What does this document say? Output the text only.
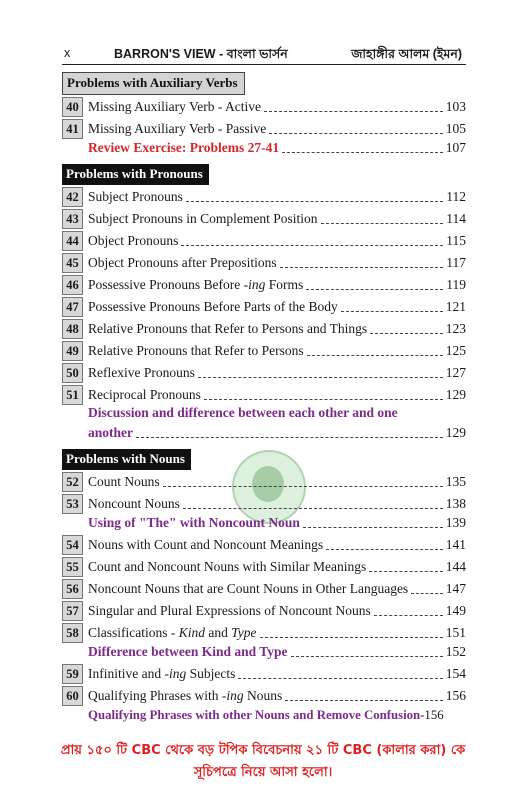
x	BARRON'S VIEW - বাংলা ভার্সন	জাহাঙ্গীর আলম (ইমন)
Problems with Auxiliary Verbs
40 Missing Auxiliary Verb - Active	103
41 Missing Auxiliary Verb - Passive	105
Review Exercise: Problems 27-41	107
Problems with Pronouns
42 Subject Pronouns	112
43 Subject Pronouns in Complement Position	114
44 Object Pronouns	115
45 Object Pronouns after Prepositions	117
46 Possessive Pronouns Before -ing Forms	119
47 Possessive Pronouns Before Parts of the Body	121
48 Relative Pronouns that Refer to Persons and Things	123
49 Relative Pronouns that Refer to Persons	125
50 Reflexive Pronouns	127
51 Reciprocal Pronouns	129
Discussion and difference between each other and one
another	129
Problems with Nouns
52 Count Nouns	135
53 Noncount Nouns	138
Using of "The" with Noncount Noun	139
54 Nouns with Count and Noncount Meanings	141
55 Count and Noncount Nouns with Similar Meanings	144
56 Noncount Nouns that are Count Nouns in Other Languages	147
57 Singular and Plural Expressions of Noncount Nouns	149
58 Classifications - Kind and Type	151
Difference between Kind and Type	152
59 Infinitive and -ing Subjects	154
60 Qualifying Phrases with -ing Nouns	156
Qualifying Phrases with other Nouns and Remove Confusion -156
প্রায় ১৫০ টি CBC থেকে বড় টপিক বিবেচনায় ২১ টি CBC (কালার করা) কে
সূচিপত্রে নিয়ে আসা হলো।
